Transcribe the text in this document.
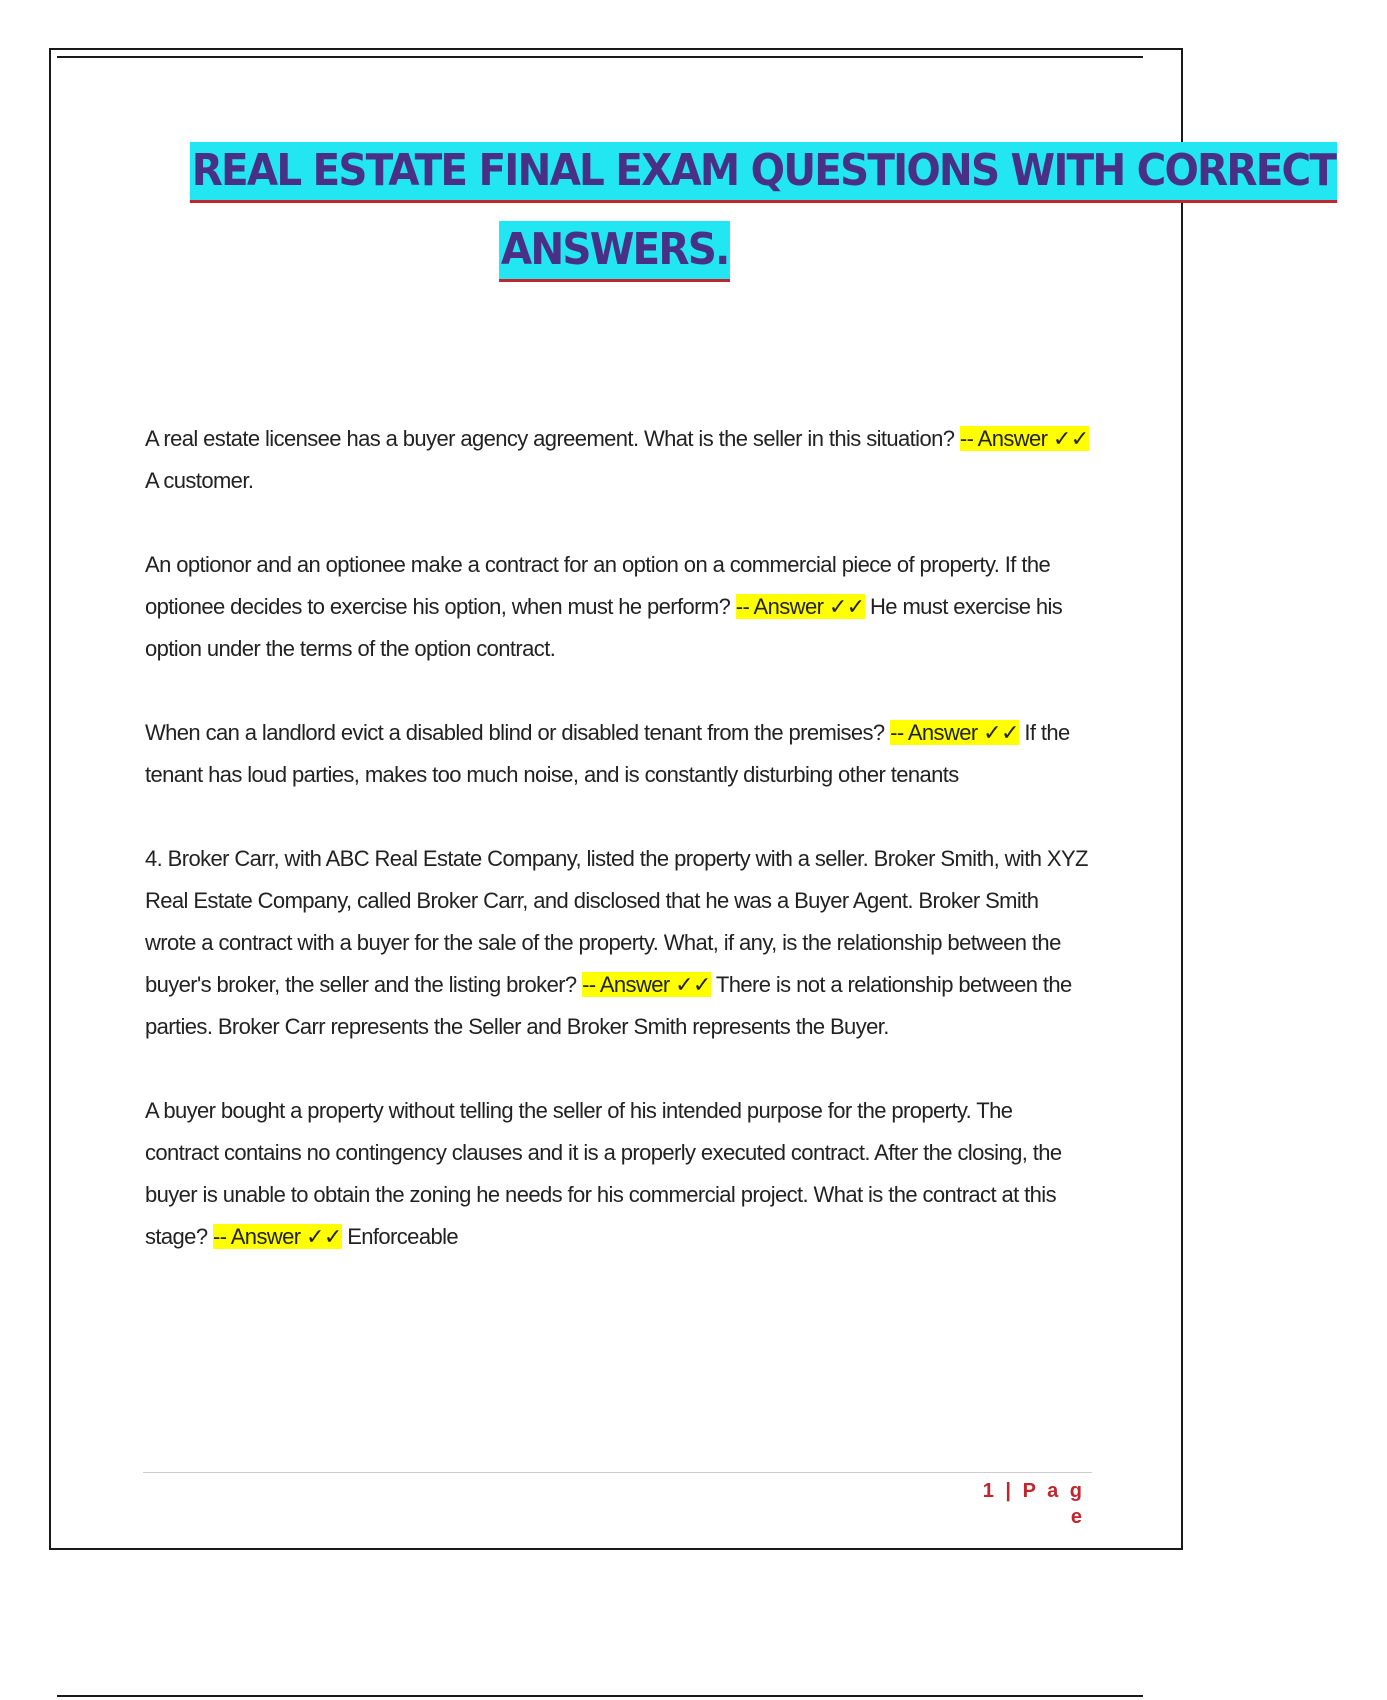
REAL ESTATE FINAL EXAM QUESTIONS WITH CORRECT
ANSWERS.

A real estate licensee has a buyer agency agreement. What is the seller in this situation? -- Answer ✓✓ A customer.

An optionor and an optionee make a contract for an option on a commercial piece of property. If the optionee decides to exercise his option, when must he perform? -- Answer ✓✓ He must exercise his option under the terms of the option contract.

When can a landlord evict a disabled blind or disabled tenant from the premises? -- Answer ✓✓ If the tenant has loud parties, makes too much noise, and is constantly disturbing other tenants

4. Broker Carr, with ABC Real Estate Company, listed the property with a seller. Broker Smith, with XYZ Real Estate Company, called Broker Carr, and disclosed that he was a Buyer Agent. Broker Smith wrote a contract with a buyer for the sale of the property. What, if any, is the relationship between the buyer's broker, the seller and the listing broker? -- Answer ✓✓ There is not a relationship between the parties. Broker Carr represents the Seller and Broker Smith represents the Buyer.

A buyer bought a property without telling the seller of his intended purpose for the property. The contract contains no contingency clauses and it is a properly executed contract. After the closing, the buyer is unable to obtain the zoning he needs for his commercial project. What is the contract at this stage? -- Answer ✓✓ Enforceable

1 | P a g e
